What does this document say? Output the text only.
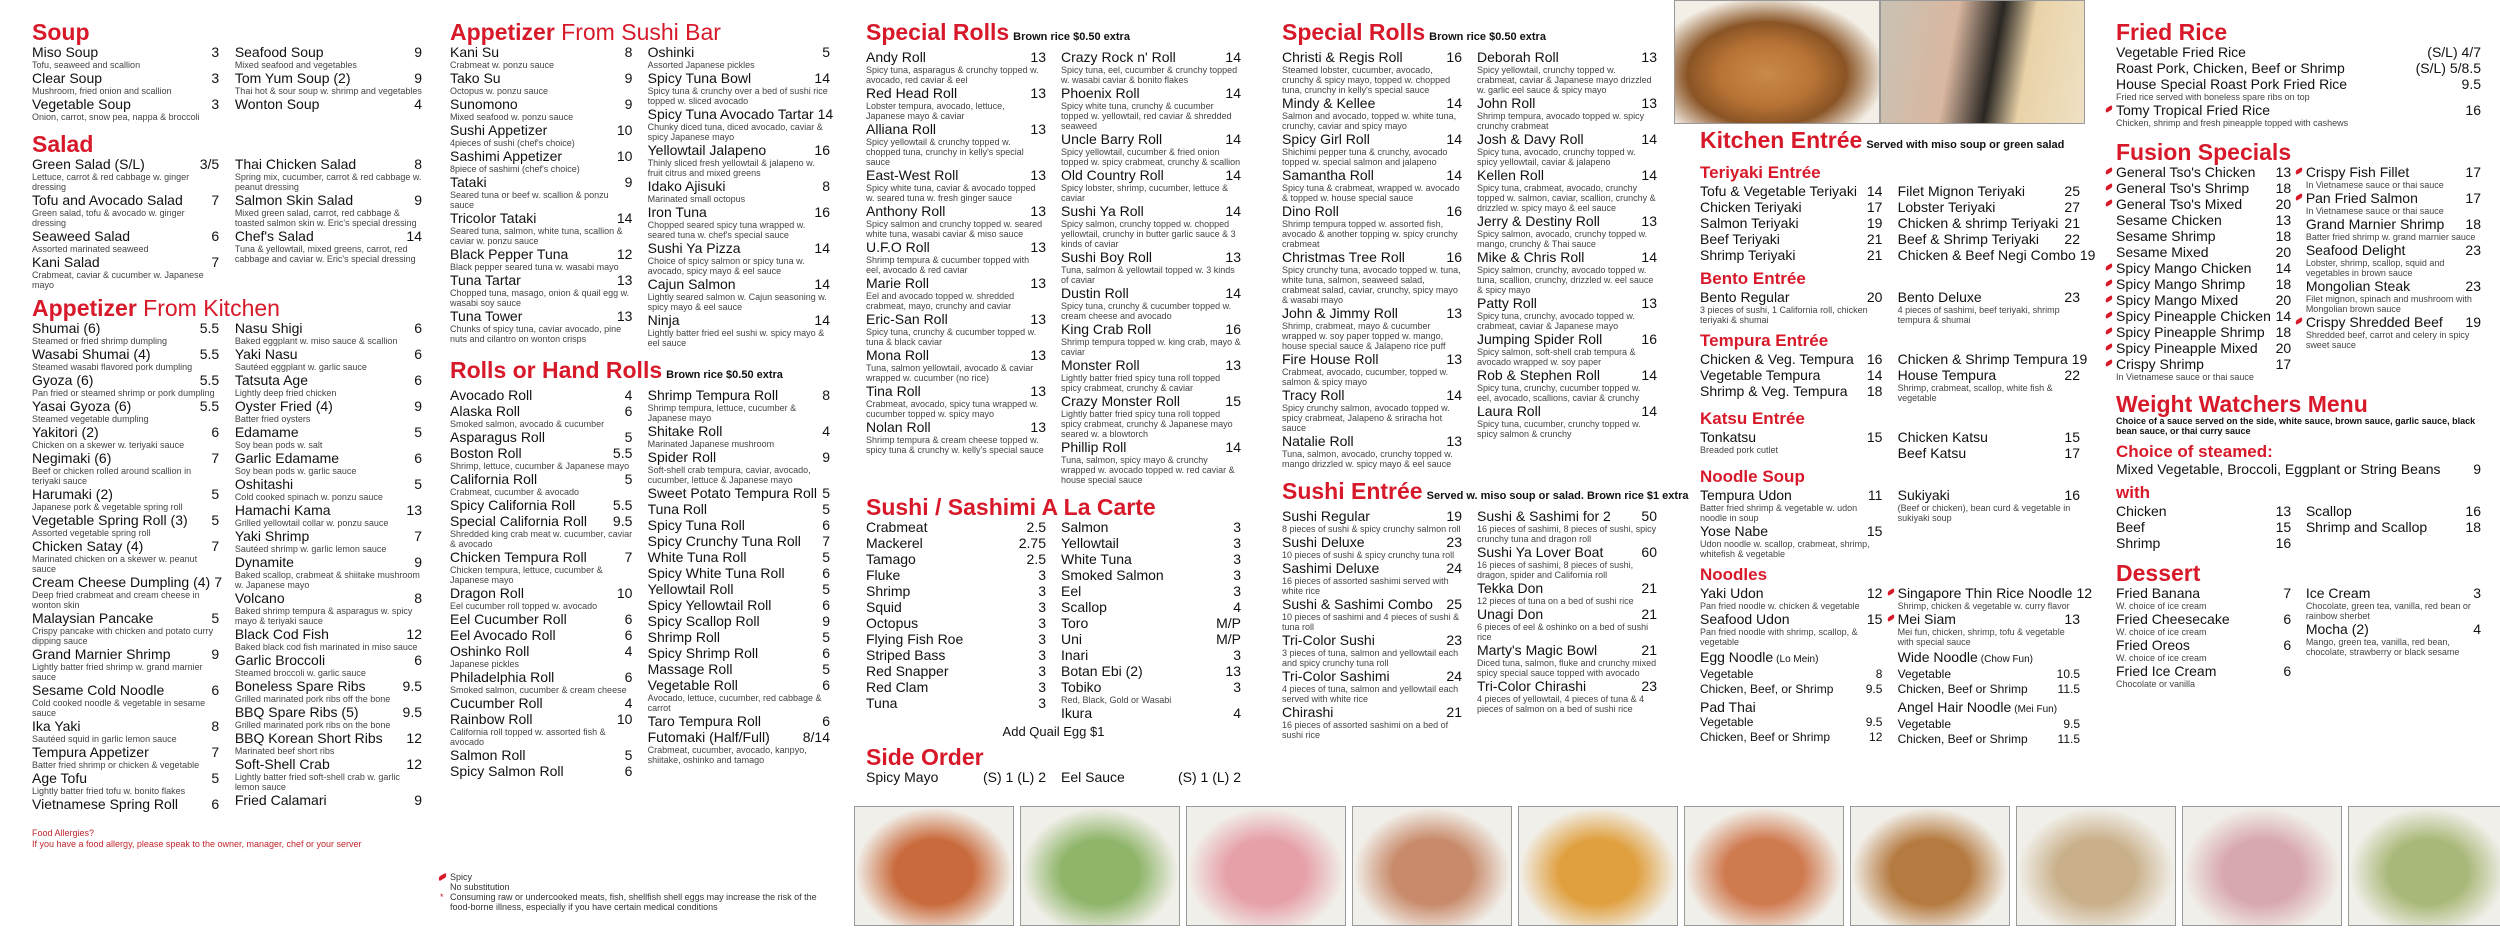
Soup
Miso Soup	3
Tofu, seaweed and scallion
Clear Soup	3
Mushroom, fried onion and scallion
Vegetable Soup	3
Onion, carrot, snow pea, nappa & broccoli
Seafood Soup	9
Mixed seafood and vegetables
Tom Yum Soup (2)	9
Thai hot & sour soup w. shrimp and vegetables
Wonton Soup	4
Salad
Green Salad (S/L)	3/5
Lettuce, carrot & red cabbage w. ginger dressing
Tofu and Avocado Salad 7
Green salad, tofu & avocado w. ginger dressing
Seaweed Salad	6
Assorted marinated seaweed
Kani Salad	7
Crabmeat, caviar & cucumber w. Japanese mayo
Thai Chicken Salad	8
Spring mix, cucumber, carrot & red cabbage w. peanut dressing
Salmon Skin Salad	9
Mixed green salad, carrot, red cabbage & toasted salmon skin w. Eric's special dressing
Chef's Salad	14
Tuna & yellowtail, mixed greens, carrot, red cabbage and caviar w. Eric's special dressing
Appetizer From Kitchen
Shumai (6)	5.5
Steamed or fried shrimp dumpling
Wasabi Shumai (4)	5.5
Steamed wasabi flavored pork dumpling
Gyoza (6)	5.5
Pan fried or steamed shrimp or pork dumpling
Yasai Gyoza (6)	5.5
Steamed vegetable dumpling
Yakitori (2)	6
Chicken on a skewer w. teriyaki sauce
Negimaki (6)	7
Beef or chicken rolled around scallion in teriyaki sauce
Harumaki (2)	5
Japanese pork & vegetable spring roll
Vegetable Spring Roll (3) 5
Assorted vegetable spring roll
Chicken Satay (4)	7
Marinated chicken on a skewer w. peanut sauce
Cream Cheese Dumpling (4) 7
Deep fried crabmeat and cream cheese in wonton skin
Malaysian Pancake	5
Crispy pancake with chicken and potato curry dipping sauce
Grand Marnier Shrimp	9
Lightly batter fried shrimp w. grand marnier sauce
Sesame Cold Noodle	6
Cold cooked noodle & vegetable in sesame sauce
Ika Yaki	8
Sautéed squid in garlic lemon sauce
Tempura Appetizer	7
Batter fried shrimp or chicken & vegetable
Age Tofu	5
Lightly batter fried tofu w. bonito flakes
Vietnamese Spring Roll 6
Nasu Shigi	6
Baked eggplant w. miso sauce & scallion
Yaki Nasu	6
Sautéed eggplant w. garlic sauce
Tatsuta Age	6
Lightly deep fried chicken
Oyster Fried (4)	9
Batter fried oysters
Edamame	5
Soy bean pods w. salt
Garlic Edamame	6
Soy bean pods w. garlic sauce
Oshitashi	5
Cold cooked spinach w. ponzu sauce
Hamachi Kama	13
Grilled yellowtail collar w. ponzu sauce
Yaki Shrimp	7
Sautéed shrimp w. garlic lemon sauce
Dynamite	9
Baked scallop, crabmeat & shiitake mushroom w. Japanese mayo
Volcano	8
Baked shrimp tempura & asparagus w. spicy mayo & teriyaki sauce
Black Cod Fish	12
Baked black cod fish marinated in miso sauce
Garlic Broccoli	6
Steamed broccoli w. garlic sauce
Boneless Spare Ribs	9.5
Grilled marinated pork ribs off the bone
BBQ Spare Ribs (5)	9.5
Grilled marinated pork ribs on the bone
BBQ Korean Short Ribs 12
Marinated beef short ribs
Soft-Shell Crab	12
Lightly batter fried soft-shell crab w. garlic lemon sauce
Fried Calamari	9
Food Allergies?
If you have a food allergy, please speak to the owner, manager, chef or your server
Appetizer From Sushi Bar
Kani Su	8
Crabmeat w. ponzu sauce
Tako Su	9
Octopus w. ponzu sauce
Sunomono	9
Mixed seafood w. ponzu sauce
Sushi Appetizer	10
4pieces of sushi (chef's choice)
Sashimi Appetizer	10
8piece of sashimi (chef's choice)
Tataki	9
Seared tuna or beef w. scallion & ponzu sauce
Tricolor Tataki	14
Seared tuna, salmon, white tuna, scallion & caviar w. ponzu sauce
Black Pepper Tuna	12
Black pepper seared tuna w. wasabi mayo
Tuna Tartar	13
Chopped tuna, masago, onion & quail egg w. wasabi soy sauce
Tuna Tower	13
Chunks of spicy tuna, caviar avocado, pine nuts and cilantro on wonton crisps
Oshinki	5
Assorted Japanese pickles
Spicy Tuna Bowl	14
Spicy tuna & crunchy over a bed of sushi rice topped w. sliced avocado
Spicy Tuna Avocado Tartar 14
Chunky diced tuna, diced avocado, caviar & spicy Japanese mayo
Yellowtail Jalapeno	16
Thinly sliced fresh yellowtail & jalapeno w. fruit citrus and mixed greens
Idako Ajisuki	8
Marinated small octopus
Iron Tuna	16
Chopped seared spicy tuna wrapped w. seared tuna w. chef's special sauce
Sushi Ya Pizza	14
Choice of spicy salmon or spicy tuna w. avocado, spicy mayo & eel sauce
Cajun Salmon	14
Lightly seared salmon w. Cajun seasoning w. spicy mayo & eel sauce
Ninja	14
Lightly batter fried eel sushi w. spicy mayo & eel sauce
Rolls or Hand Rolls Brown rice $0.50 extra
Avocado Roll	4
Alaska Roll	6
Smoked salmon, avocado & cucumber
Asparagus Roll	5
Boston Roll	5.5
Shrimp, lettuce, cucumber & Japanese mayo
California Roll	5
Crabmeat, cucumber & avocado
Spicy California Roll	5.5
Special California Roll 9.5
Shredded king crab meat w. cucumber, caviar & avocado
Chicken Tempura Roll	7
Chicken tempura, lettuce, cucumber & Japanese mayo
Dragon Roll	10
Eel cucumber roll topped w. avocado
Eel Cucumber Roll	6
Eel Avocado Roll	6
Oshinko Roll	4
Japanese pickles
Philadelphia Roll	6
Smoked salmon, cucumber & cream cheese
Cucumber Roll	4
Rainbow Roll	10
California roll topped w. assorted fish & avocado
Salmon Roll	5
Spicy Salmon Roll	6
Shrimp Tempura Roll	8
Shrimp tempura, lettuce, cucumber & Japanese mayo
Shitake Roll	4
Marinated Japanese mushroom
Spider Roll	9
Soft-shell crab tempura, caviar, avocado, cucumber, lettuce & Japanese mayo
Sweet Potato Tempura Roll 5
Tuna Roll	5
Spicy Tuna Roll	6
Spicy Crunchy Tuna Roll 7
White Tuna Roll	5
Spicy White Tuna Roll	6
Yellowtail Roll	5
Spicy Yellowtail Roll	6
Spicy Scallop Roll	9
Shrimp Roll	5
Spicy Shrimp Roll	6
Massage Roll	5
Vegetable Roll	6
Avocado, lettuce, cucumber, red cabbage & carrot
Taro Tempura Roll	6
Futomaki (Half/Full) 8/14
Crabmeat, cucumber, avocado, kanpyo, shiitake, oshinko and tamago
Spicy
No substitution
* Consuming raw or undercooked meats, fish, shellfish shell eggs may increase the risk of the food-borne illness, especially if you have certain medical conditions
Special Rolls Brown rice $0.50 extra
Andy Roll	13
Spicy tuna, asparagus & crunchy topped w. avocado, red caviar & eel
Red Head Roll	13
Lobster tempura, avocado, lettuce, Japanese mayo & caviar
Alliana Roll	13
Spicy yellowtail & crunchy topped w. chopped tuna, crunchy in kelly's special sauce
East-West Roll	13
Spicy white tuna, caviar & avocado topped w. seared tuna w. fresh ginger sauce
Anthony Roll	13
Spicy salmon and crunchy topped w. seared white tuna, wasabi caviar & miso sauce
U.F.O Roll	13
Shrimp tempura & cucumber topped with eel, avocado & red caviar
Marie Roll	13
Eel and avocado topped w. shredded crabmeat, mayo, crunchy and caviar
Eric-San Roll	13
Spicy tuna, crunchy & cucumber topped w. tuna & black caviar
Mona Roll	13
Tuna, salmon yellowtail, avocado & caviar wrapped w. cucumber (no rice)
Tina Roll	13
Crabmeat, avocado, spicy tuna wrapped w. cucumber topped w. spicy mayo
Nolan Roll	13
Shrimp tempura & cream cheese topped w. spicy tuna & crunchy w. kelly's special sauce
Crazy Rock n' Roll	14
Spicy tuna, eel, cucumber & crunchy topped w. wasabi caviar & bonito flakes
Phoenix Roll	14
Spicy white tuna, crunchy & cucumber topped w. yellowtail, red caviar & shredded seaweed
Uncle Barry Roll	14
Spicy yellowtail, cucumber & fried onion topped w. spicy crabmeat, crunchy & scallion
Old Country Roll	14
Spicy lobster, shrimp, cucumber, lettuce & caviar
Sushi Ya Roll	14
Spicy salmon, crunchy topped w. chopped yellowtail, crunchy in butter garlic sauce & 3 kinds of caviar
Sushi Boy Roll	13
Tuna, salmon & yellowtail topped w. 3 kinds of caviar
Dustin Roll	14
Spicy tuna, crunchy & cucumber topped w. cream cheese and avocado
King Crab Roll	16
Shrimp tempura topped w. king crab, mayo & caviar
Monster Roll	13
Lightly batter fried spicy tuna roll topped spicy crabmeat, crunchy & caviar
Crazy Monster Roll	15
Lightly batter fried spicy tuna roll topped spicy crabmeat, crunchy & Japanese mayo seared w. a blowtorch
Phillip Roll	14
Tuna, salmon, spicy mayo & crunchy wrapped w. avocado topped w. red caviar & house special sauce
Sushi / Sashimi A La Carte
Crabmeat	2.5
Mackerel	2.75
Tamago	2.5
Fluke	3
Shrimp	3
Squid	3
Octopus	3
Flying Fish Roe	3
Striped Bass	3
Red Snapper	3
Red Clam	3
Tuna	3
Salmon	3
Yellowtail	3
White Tuna	3
Smoked Salmon	3
Eel	3
Scallop	4
Toro	M/P
Uni	M/P
Inari	3
Botan Ebi (2)	13
Tobiko	3
Red, Black, Gold or Wasabi
Ikura	4
Add Quail Egg $1
Side Order
Spicy Mayo	(S) 1 (L) 2 Eel Sauce	(S) 1 (L) 2
Special Rolls Brown rice $0.50 extra
Christi & Regis Roll	16
Steamed lobster, cucumber, avocado, crunchy & spicy mayo, topped w. chopped tuna, crunchy in kelly's special sauce
Mindy & Kellee	14
Salmon and avocado, topped w. white tuna, crunchy, caviar and spicy mayo
Spicy Girl Roll	14
Shichimi pepper tuna & crunchy, avocado topped w. special salmon and jalapeno
Samantha Roll	14
Spicy tuna & crabmeat, wrapped w. avocado & topped w. house special sauce
Dino Roll	16
Shrimp tempura topped w. assorted fish, avocado & another topping w. spicy crunchy crabmeat
Christmas Tree Roll	16
Spicy crunchy tuna, avocado topped w. tuna, white tuna, salmon, seaweed salad, crabmeat salad, caviar, crunchy, spicy mayo & wasabi mayo
John & Jimmy Roll	13
Shrimp, crabmeat, mayo & cucumber wrapped w. soy paper topped w. mango, house special sauce & Jalapeno rice puff
Fire House Roll	13
Crabmeat, avocado, cucumber, topped w. salmon & spicy mayo
Tracy Roll	14
Spicy crunchy salmon, avocado topped w. spicy crabmeat, Jalapeno & sriracha hot sauce
Natalie Roll	13
Tuna, salmon, avocado, crunchy topped w. mango drizzled w. spicy mayo & eel sauce
Deborah Roll	13
Spicy yellowtail, crunchy topped w. crabmeat, caviar & Japanese mayo drizzled w. garlic eel sauce & spicy mayo
John Roll	13
Shrimp tempura, avocado topped w. spicy crunchy crabmeat
Josh & Davy Roll	14
Spicy tuna, avocado, crunchy topped w. spicy yellowtail, caviar & jalapeno
Kellen Roll	14
Spicy tuna, crabmeat, avocado, crunchy topped w. salmon, caviar, scallion, crunchy & drizzled w. spicy mayo & eel sauce
Jerry & Destiny Roll	13
Spicy salmon, avocado, crunchy topped w. mango, crunchy & Thai sauce
Mike & Chris Roll	14
Spicy salmon, crunchy, avocado topped w. tuna, scallion, crunchy, drizzled w. eel sauce & spicy mayo
Patty Roll	13
Spicy tuna, crunchy, avocado topped w. crabmeat, caviar & Japanese mayo
Jumping Spider Roll	16
Spicy salmon, soft-shell crab tempura & avocado wrapped w. soy paper
Rob & Stephen Roll	14
Spicy tuna, crunchy, cucumber topped w. eel, avocado, scallions, caviar & crunchy
Laura Roll	14
Spicy tuna, cucumber, crunchy topped w. spicy salmon & crunchy
Sushi Entrée Served w. miso soup or salad. Brown rice $1 extra
Sushi Regular	19
8 pieces of sushi & spicy crunchy salmon roll
Sushi Deluxe	23
10 pieces of sushi & spicy crunchy tuna roll
Sashimi Deluxe	24
16 pieces of assorted sashimi served with white rice
Sushi & Sashimi Combo 25
10 pieces of sashimi and 4 pieces of sushi & tuna roll
Tri-Color Sushi	23
3 pieces of tuna, salmon and yellowtail each and spicy crunchy tuna roll
Tri-Color Sashimi	24
4 pieces of tuna, salmon and yellowtail each served with white rice
Chirashi	21
16 pieces of assorted sashimi on a bed of sushi rice
Sushi & Sashimi for 2 50
16 pieces of sashimi, 8 pieces of sushi, spicy crunchy tuna and dragon roll
Sushi Ya Lover Boat	60
16 pieces of sashimi, 8 pieces of sushi, dragon, spider and California roll
Tekka Don	21
12 pieces of tuna on a bed of sushi rice
Unagi Don	21
6 pieces of eel & oshinko on a bed of sushi rice
Marty's Magic Bowl	21
Diced tuna, salmon, fluke and crunchy mixed spicy special sauce topped with avocado
Tri-Color Chirashi	23
4 pieces of yellowtail, 4 pieces of tuna & 4 pieces of salmon on a bed of sushi rice
Kitchen Entrée Served with miso soup or green salad
Teriyaki Entrée
Tofu & Vegetable Teriyaki 14
Chicken Teriyaki	17
Salmon Teriyaki	19
Beef Teriyaki	21
Shrimp Teriyaki	21
Filet Mignon Teriyaki	25
Lobster Teriyaki	27
Chicken & shrimp Teriyaki 21
Beef & Shrimp Teriyaki 22
Chicken & Beef Negi Combo 19
Bento Entrée
Bento Regular	20
3 pieces of sushi, 1 California roll, chicken teriyaki & shumai
Bento Deluxe	23
4 pieces of sashimi, beef teriyaki, shrimp tempura & shumai
Tempura Entrée
Chicken & Veg. Tempura 16
Vegetable Tempura	14
Shrimp & Veg. Tempura 18
Chicken & Shrimp Tempura 19
House Tempura	22
Shrimp, crabmeat, scallop, white fish & vegetable
Katsu Entrée
Tonkatsu	15
Breaded pork cutlet
Chicken Katsu	15
Beef Katsu	17
Noodle Soup
Tempura Udon	11
Batter fried shrimp & vegetable w. udon noodle in soup
Yose Nabe	15
Udon noodle w. scallop, crabmeat, shrimp, whitefish & vegetable
Sukiyaki	16
(Beef or chicken), bean curd & vegetable in sukiyaki soup
Noodles
Yaki Udon	12
Pan fried noodle w. chicken & vegetable
Seafood Udon	15
Pan fried noodle with shrimp, scallop, & vegetable
Singapore Thin Rice Noodle 12
Shrimp, chicken & vegetable w. curry flavor
Mei Siam	13
Mei fun, chicken, shrimp, tofu & vegetable with special sauce
Egg Noodle (Lo Mein)
Vegetable	8
Chicken, Beef, or Shrimp	9.5
Pad Thai
Vegetable	9.5
Chicken, Beef or Shrimp	12
Wide Noodle (Chow Fun)
Vegetable	10.5
Chicken, Beef or Shrimp	11.5
Angel Hair Noodle (Mei Fun)
Vegetable	9.5
Chicken, Beef or Shrimp	11.5
Fried Rice
Vegetable Fried Rice	(S/L) 4/7
Roast Pork, Chicken, Beef or Shrimp	(S/L) 5/8.5
House Special Roast Pork Fried Rice	9.5
Fried rice served with boneless spare ribs on top
Tomy Tropical Fried Rice	16
Chicken, shrimp and fresh pineapple topped with cashews
Fusion Specials
General Tso's Chicken 13
General Tso's Shrimp 18
General Tso's Mixed 20
Sesame Chicken	13
Sesame Shrimp	18
Sesame Mixed	20
Spicy Mango Chicken 14
Spicy Mango Shrimp 18
Spicy Mango Mixed	20
Spicy Pineapple Chicken 14
Spicy Pineapple Shrimp 18
Spicy Pineapple Mixed 20
Crispy Shrimp	17
In Vietnamese sauce or thai sauce
Crispy Fish Fillet	17
In Vietnamese sauce or thai sauce
Pan Fried Salmon	17
In Vietnamese sauce or thai sauce
Grand Marnier Shrimp 18
Batter fried shrimp w. grand marnier sauce
Seafood Delight	23
Lobster, shrimp, scallop, squid and vegetables in brown sauce
Mongolian Steak	23
Filet mignon, spinach and mushroom with Mongolian brown sauce
Crispy Shredded Beef 19
Shredded beef, carrot and celery in spicy sweet sauce
Weight Watchers Menu
Choice of a sauce served on the side, white sauce, brown sauce, garlic sauce, black bean sauce, or thai curry sauce
Choice of steamed:
Mixed Vegetable, Broccoli, Eggplant or String Beans 9
with
Chicken	13
Beef	15
Shrimp	16
Scallop	16
Shrimp and Scallop	18
Dessert
Fried Banana	7
W. choice of ice cream
Fried Cheesecake	6
W. choice of ice cream
Fried Oreos	6
W. choice of ice cream
Fried Ice Cream	6
Chocolate or vanilla
Ice Cream	3
Chocolate, green tea, vanilla, red bean or rainbow sherbet
Mocha (2)	4
Mango, green tea, vanilla, red bean, chocolate, strawberry or black sesame
